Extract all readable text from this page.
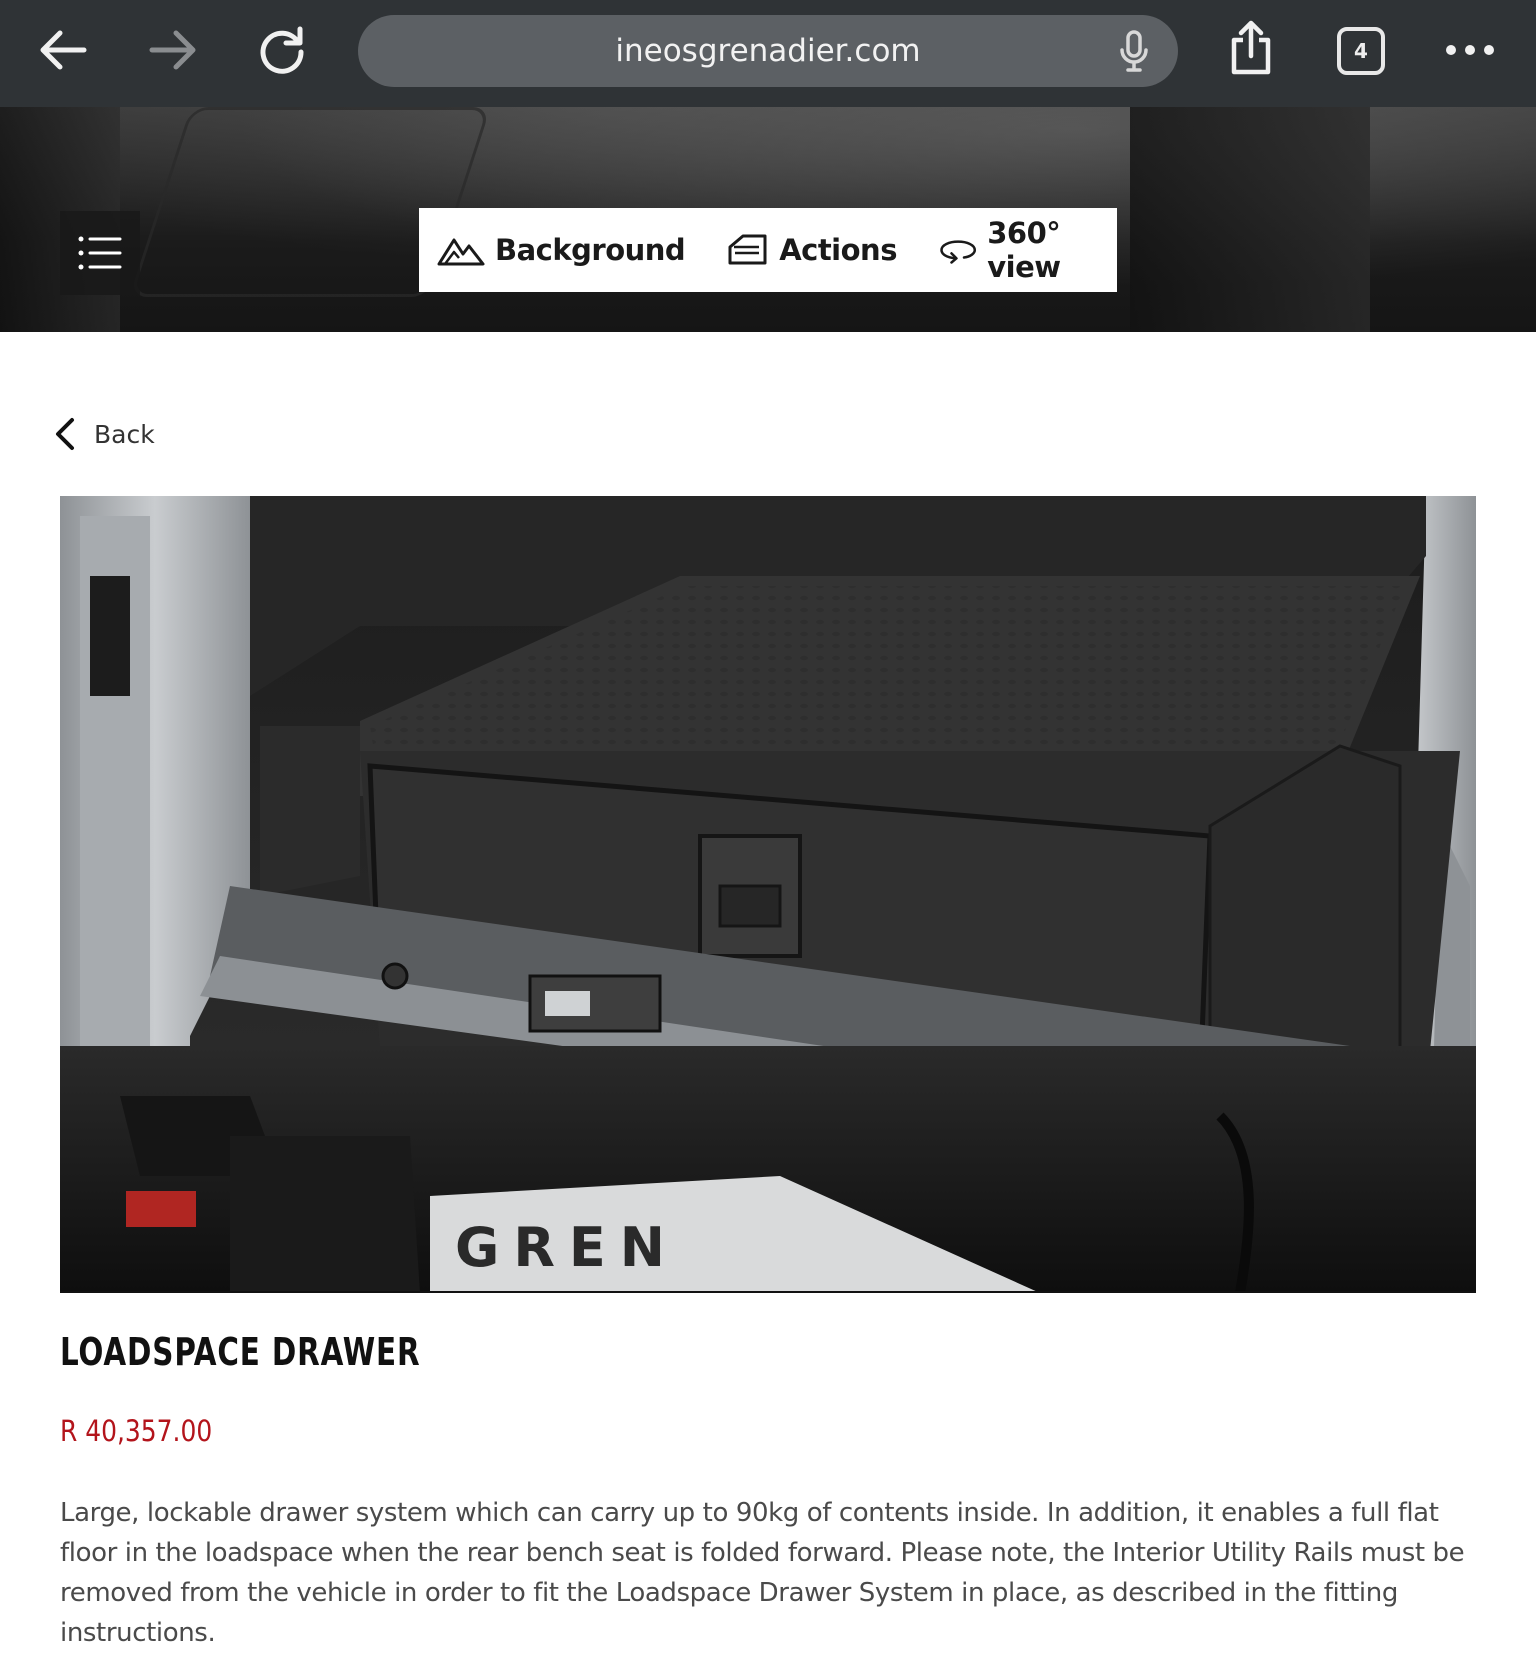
ineosgrenadier.com	4
Background	Actions	360° view
Back
GREN
LOADSPACE DRAWER
R 40,357.00

Large, lockable drawer system which can carry up to 90kg of contents inside. In addition, it enables a full flat floor in the loadspace when the rear bench seat is folded forward. Please note, the Interior Utility Rails must be removed from the vehicle in order to fit the Loadspace Drawer System in place, as described in the fitting instructions.
